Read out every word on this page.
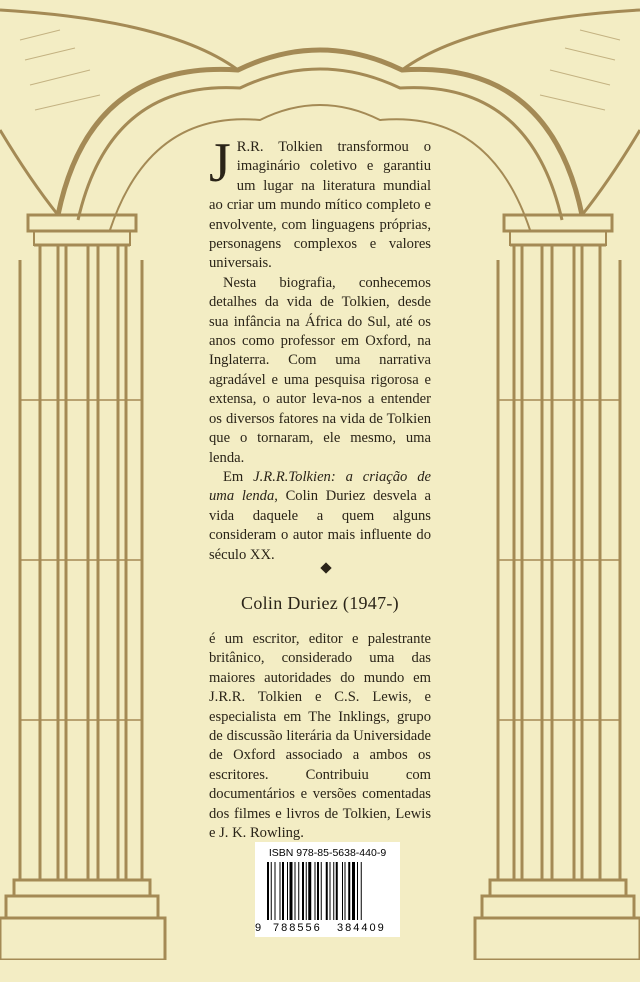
J R.R. Tolkien transformou o imaginário coletivo e garantiu um lugar na literatura mundial ao criar um mundo mítico completo e envolvente, com linguagens próprias, personagens complexos e valores universais.

Nesta biografia, conhecemos detalhes da vida de Tolkien, desde sua infância na África do Sul, até os anos como professor em Oxford, na Inglaterra. Com uma narrativa agradável e uma pesquisa rigorosa e extensa, o autor leva-nos a entender os diversos fatores na vida de Tolkien que o tornaram, ele mesmo, uma lenda.

Em J.R.R.Tolkien: a criação de uma lenda, Colin Duriez desvela a vida daquele a quem alguns consideram o autor mais influente do século XX.

Colin Duriez (1947-)

é um escritor, editor e palestrante britânico, considerado uma das maiores autoridades do mundo em J.R.R. Tolkien e C.S. Lewis, e especialista em The Inklings, grupo de discussão literária da Universidade de Oxford associado a ambos os escritores. Contribuiu com documentários e versões comentadas dos filmes e livros de Tolkien, Lewis e J. K. Rowling.

ISBN 978-85-5638-440-9

9

788556

384409
